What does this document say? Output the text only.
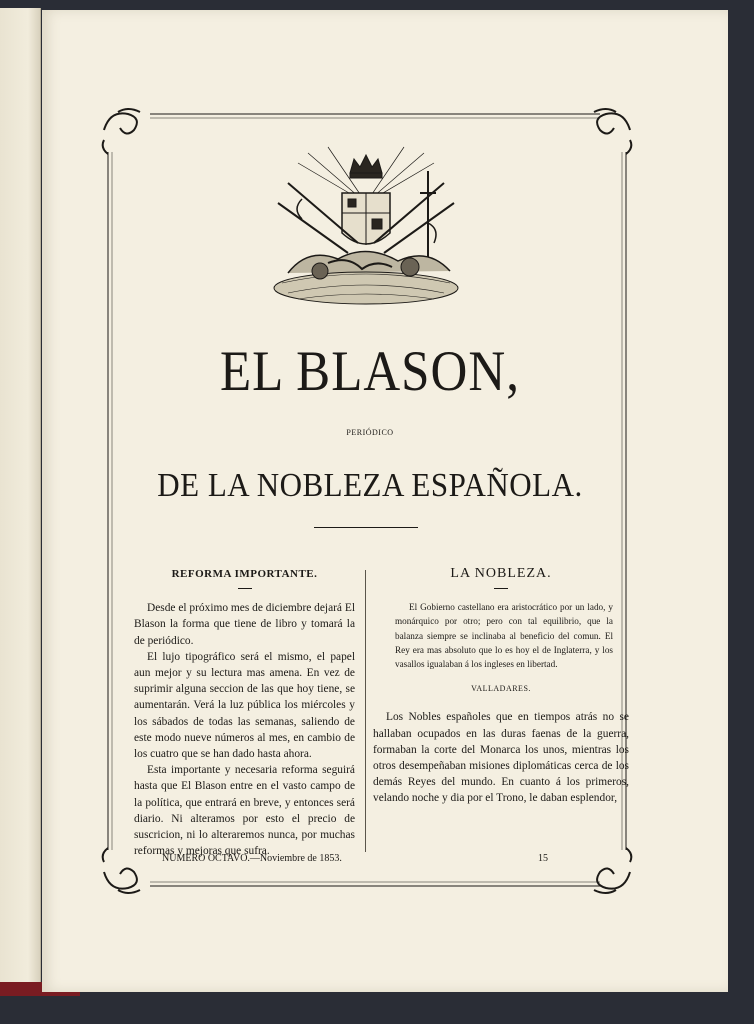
EL BLASON,
PERIÓDICO
DE LA NOBLEZA ESPAÑOLA.
REFORMA IMPORTANTE.

Desde el próximo mes de diciembre dejará El Blason la forma que tiene de libro y tomará la de periódico.

El lujo tipográfico será el mismo, el papel aun mejor y su lectura mas amena. En vez de suprimir alguna seccion de las que hoy tiene, se aumentarán. Verá la luz pública los miércoles y los sábados de todas las semanas, saliendo de este modo nueve números al mes, en cambio de los cuatro que se han dado hasta ahora.

Esta importante y necesaria reforma seguirá hasta que El Blason entre en el vasto campo de la política, que entrará en breve, y entonces será diario. Ni alteramos por esto el precio de suscricion, ni lo alteraremos nunca, por muchas reformas y mejoras que sufra.

LA NOBLEZA.

El Gobierno castellano era aristocrático por un lado, y monárquico por otro; pero con tal equilibrio, que la balanza siempre se inclinaba al beneficio del comun. El Rey era mas absoluto que lo es hoy el de Inglaterra, y los vasallos igualaban á los ingleses en libertad.

VALLADARES.

Los Nobles españoles que en tiempos atrás no se hallaban ocupados en las duras faenas de la guerra, formaban la corte del Monarca los unos, mientras los otros desempeñaban misiones diplomáticas cerca de los demás Reyes del mundo. En cuanto á los primeros, velando noche y dia por el Trono, le daban esplendor,

NÚMERO OCTAVO.—Noviembre de 1853.	15
